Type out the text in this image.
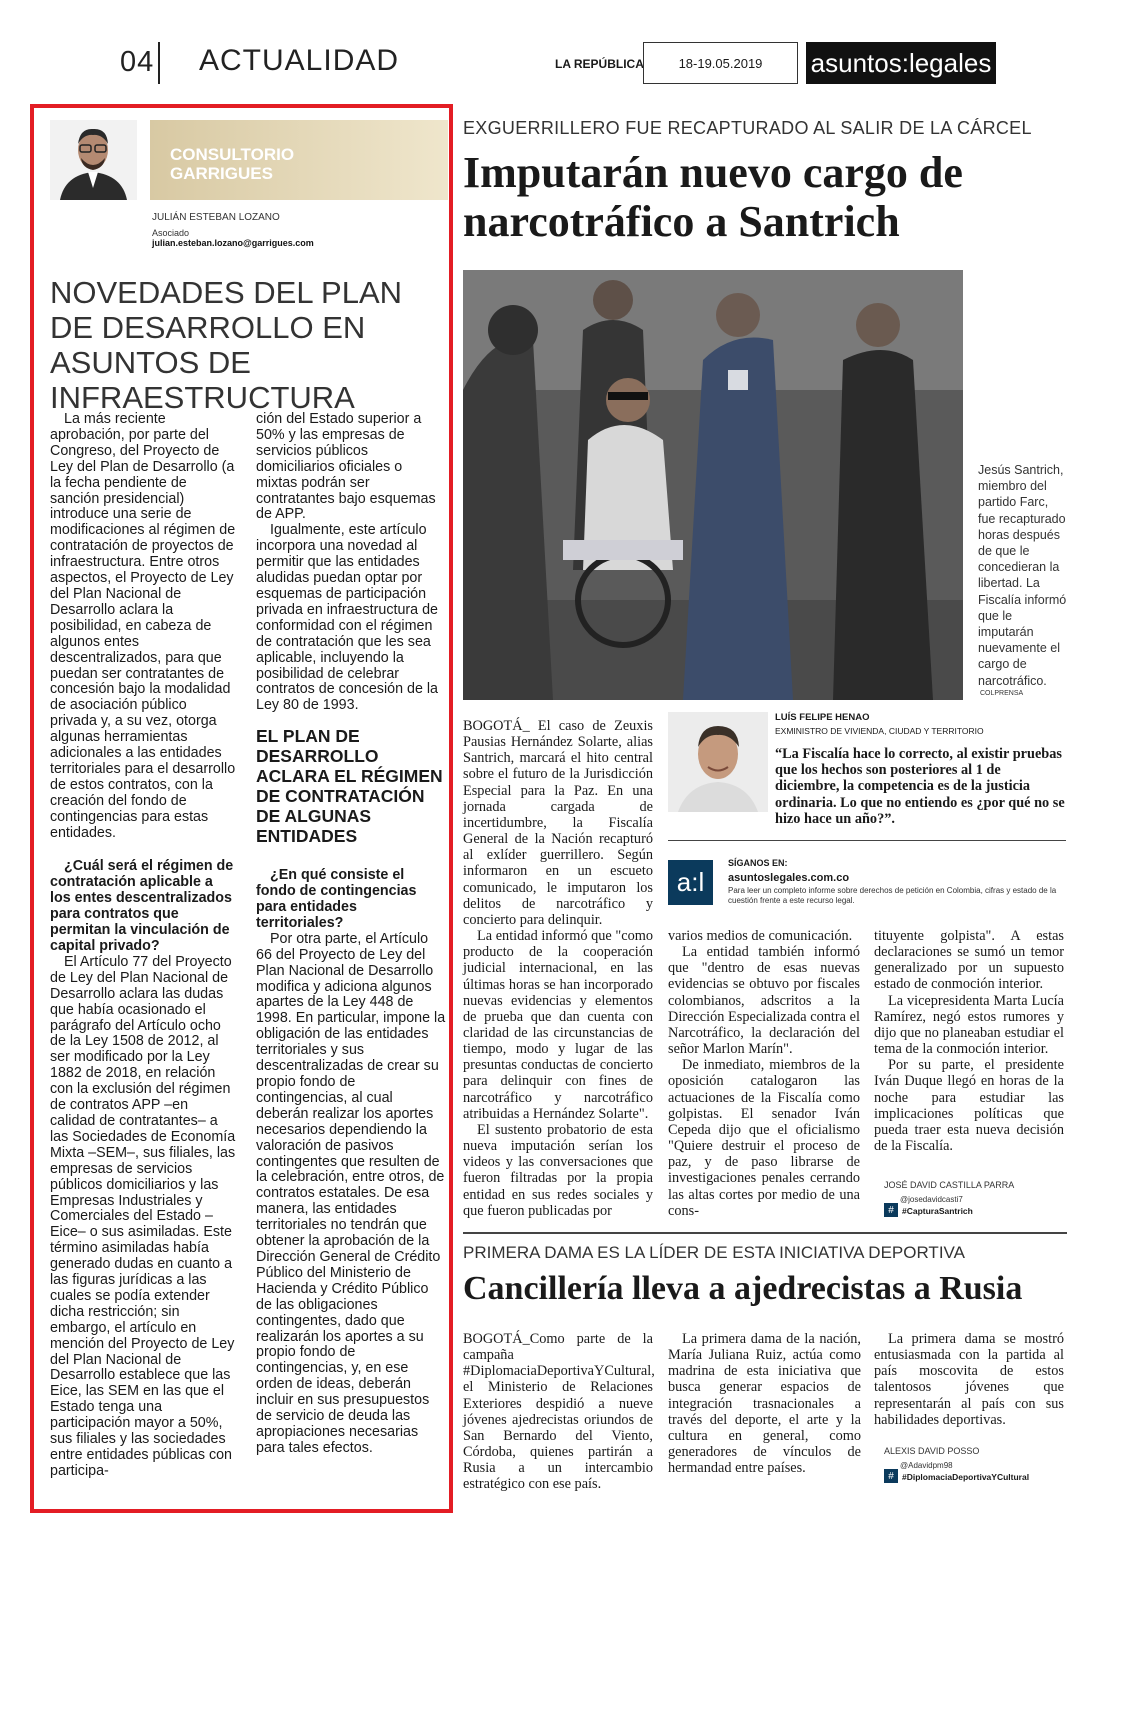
04 ACTUALIDAD	LA REPÚBLICA	18-19.05.2019	asuntos:legales
CONSULTORIO GARRIGUES
JULIÁN ESTEBAN LOZANO
Asociado
julian.esteban.lozano@garrigues.com
NOVEDADES DEL PLAN DE DESARROLLO EN ASUNTOS DE INFRAESTRUCTURA

La más reciente aprobación, por parte del Congreso, del Proyecto de Ley del Plan de Desarrollo (a la fecha pendiente de sanción presidencial) introduce una serie de modificaciones al régimen de contratación de proyectos de infraestructura. Entre otros aspectos, el Proyecto de Ley del Plan Nacional de Desarrollo aclara la posibilidad, en cabeza de algunos entes descentralizados, para que puedan ser contratantes de concesión bajo la modalidad de asociación público privada y, a su vez, otorga algunas herramientas adicionales a las entidades territoriales para el desarrollo de estos contratos, con la creación del fondo de contingencias para estas entidades.

¿Cuál será el régimen de contratación aplicable a los entes descentralizados para contratos que permitan la vinculación de capital privado?

El Artículo 77 del Proyecto de Ley del Plan Nacional de Desarrollo aclara las dudas que había ocasionado el parágrafo del Artículo ocho de la Ley 1508 de 2012, al ser modificado por la Ley 1882 de 2018, en relación con la exclusión del régimen de contratos APP –en calidad de contratantes– a las Sociedades de Economía Mixta –SEM–, sus filiales, las empresas de servicios públicos domiciliarios y las Empresas Industriales y Comerciales del Estado –Eice– o sus asimiladas. Este término asimiladas había generado dudas en cuanto a las figuras jurídicas a las cuales se podía extender dicha restricción; sin embargo, el artículo en mención del Proyecto de Ley del Plan Nacional de Desarrollo establece que las Eice, las SEM en las que el Estado tenga una participación mayor a 50%, sus filiales y las sociedades entre entidades públicas con participa-

ción del Estado superior a 50% y las empresas de servicios públicos domiciliarios oficiales o mixtas podrán ser contratantes bajo esquemas de APP.

Igualmente, este artículo incorpora una novedad al permitir que las entidades aludidas puedan optar por esquemas de participación privada en infraestructura de conformidad con el régimen de contratación que les sea aplicable, incluyendo la posibilidad de celebrar contratos de concesión de la Ley 80 de 1993.

EL PLAN DE DESARROLLO ACLARA EL RÉGIMEN DE CONTRATACIÓN DE ALGUNAS ENTIDADES

¿En qué consiste el fondo de contingencias para entidades territoriales?

Por otra parte, el Artículo 66 del Proyecto de Ley del Plan Nacional de Desarrollo modifica y adiciona algunos apartes de la Ley 448 de 1998. En particular, impone la obligación de las entidades territoriales y sus descentralizadas de crear su propio fondo de contingencias, al cual deberán realizar los aportes necesarios dependiendo la valoración de pasivos contingentes que resulten de la celebración, entre otros, de contratos estatales. De esa manera, las entidades territoriales no tendrán que obtener la aprobación de la Dirección General de Crédito Público del Ministerio de Hacienda y Crédito Público de las obligaciones contingentes, dado que realizarán los aportes a su propio fondo de contingencias, y, en ese orden de ideas, deberán incluir en sus presupuestos de servicio de deuda las apropiaciones necesarias para tales efectos.

EXGUERRILLERO FUE RECAPTURADO AL SALIR DE LA CÁRCEL
Imputarán nuevo cargo de narcotráfico a Santrich
Jesús Santrich, miembro del partido Farc, fue recapturado horas después de que le concedieran la libertad. La Fiscalía informó que le imputarán nuevamente el cargo de narcotráfico.
COLPRENSA

BOGOTÁ_ El caso de Zeuxis Pausias Hernández Solarte, alias Santrich, marcará el hito central sobre el futuro de la Jurisdicción Especial para la Paz. En una jornada cargada de incertidumbre, la Fiscalía General de la Nación recapturó al exlíder guerrillero. Según informaron en un escueto comunicado, le imputaron los delitos de narcotráfico y concierto para delinquir.

La entidad informó que "como producto de la cooperación judicial internacional, en las últimas horas se han incorporado nuevas evidencias y elementos de prueba que dan cuenta con claridad de las circunstancias de tiempo, modo y lugar de las presuntas conductas de concierto para delinquir con fines de narcotráfico y narcotráfico atribuidas a Hernández Solarte".

El sustento probatorio de esta nueva imputación serían los videos y las conversaciones que fueron filtradas por la propia entidad en sus redes sociales y que fueron publicadas por

LUÍS FELIPE HENAO
EXMINISTRO DE VIVIENDA, CIUDAD Y TERRITORIO
“La Fiscalía hace lo correcto, al existir pruebas que los hechos son posteriores al 1 de diciembre, la competencia es de la justicia ordinaria. Lo que no entiendo es ¿por qué no se hizo hace un año?”.
a:l
SÍGANOS EN:
asuntoslegales.com.co
Para leer un completo informe sobre derechos de petición en Colombia, cifras y estado de la cuestión frente a este recurso legal.

varios medios de comunicación.

La entidad también informó que "dentro de esas nuevas evidencias se obtuvo por fiscales colombianos, adscritos a la Dirección Especializada contra el Narcotráfico, la declaración del señor Marlon Marín".

De inmediato, miembros de la oposición catalogaron las actuaciones de la Fiscalía como golpistas. El senador Iván Cepeda dijo que el oficialismo "Quiere destruir el proceso de paz, y de paso librarse de investigaciones penales cerrando las altas cortes por medio de una cons-

tituyente golpista". A estas declaraciones se sumó un temor generalizado por un supuesto estado de conmoción interior.

La vicepresidenta Marta Lucía Ramírez, negó estos rumores y dijo que no planeaban estudiar el tema de la conmoción interior.

Por su parte, el presidente Iván Duque llegó en horas de la noche para estudiar las implicaciones políticas que pueda traer esta nueva decisión de la Fiscalía.

JOSÉ DAVID CASTILLA PARRA
@josedavidcasti7
# #CapturaSantrich
PRIMERA DAMA ES LA LÍDER DE ESTA INICIATIVA DEPORTIVA
Cancillería lleva a ajedrecistas a Rusia

BOGOTÁ_Como parte de la campaña #DiplomaciaDeportivaYCultural, el Ministerio de Relaciones Exteriores despidió a nueve jóvenes ajedrecistas oriundos de San Bernardo del Viento, Córdoba, quienes partirán a Rusia a un intercambio estratégico con ese país.

La primera dama de la nación, María Juliana Ruiz, actúa como madrina de esta iniciativa que busca generar espacios de integración trasnacionales a través del deporte, el arte y la cultura en general, como generadores de vínculos de hermandad entre países.

La primera dama se mostró entusiasmada con la partida al país moscovita de estos talentosos jóvenes que representarán al país con sus habilidades deportivas.

ALEXIS DAVID POSSO
@Adavidpm98
# #DiplomaciaDeportivaYCultural
